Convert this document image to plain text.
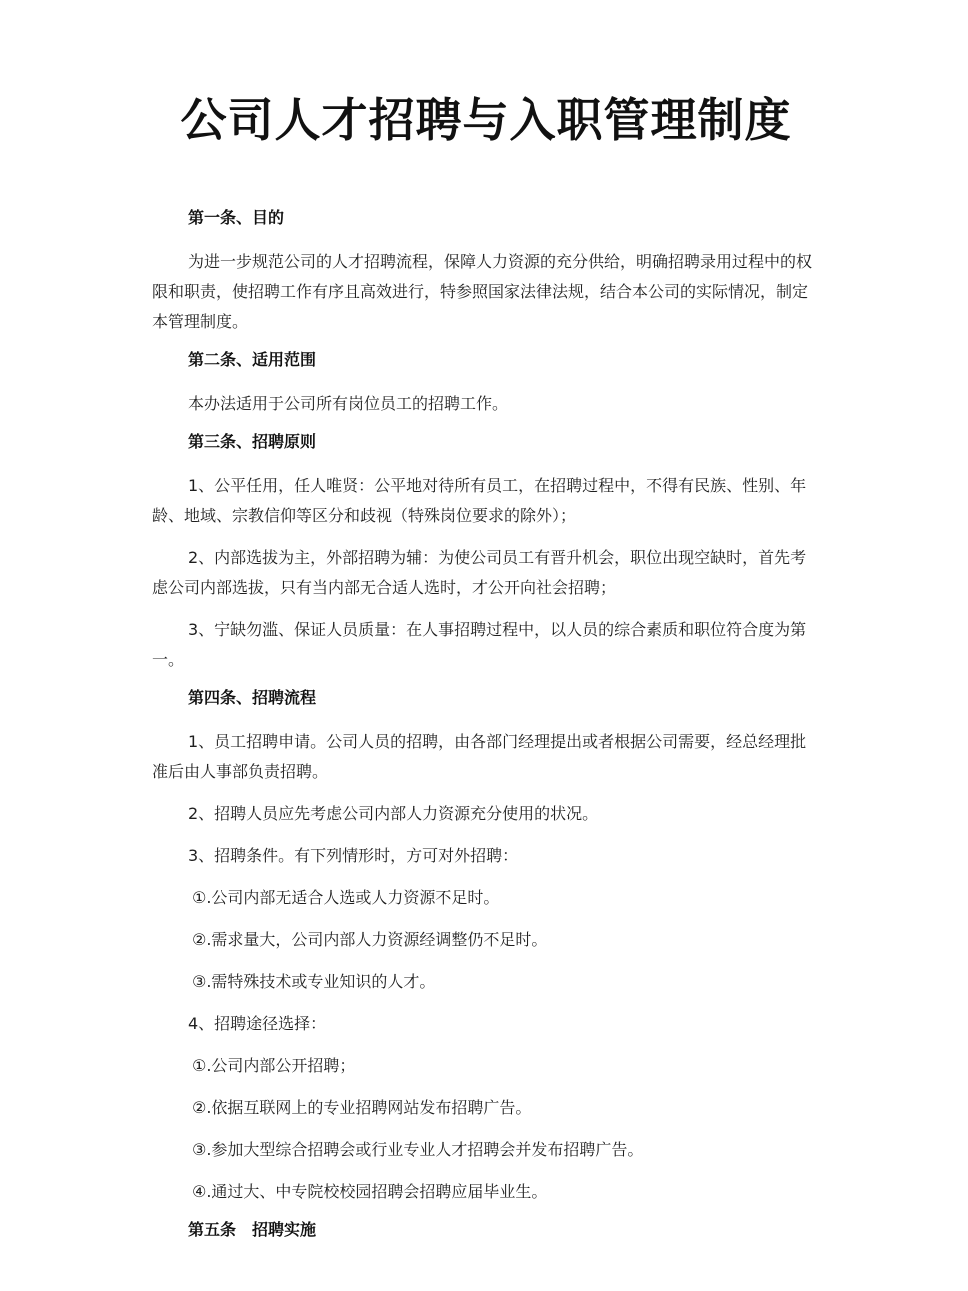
公司人才招聘与入职管理制度
第一条、目的

为进一步规范公司的人才招聘流程，保障人力资源的充分供给，明确招聘录用过程中的权限和职责，使招聘工作有序且高效进行，特参照国家法律法规，结合本公司的实际情况，制定本管理制度。

第二条、适用范围

本办法适用于公司所有岗位员工的招聘工作。

第三条、招聘原则

1、公平任用，任人唯贤：公平地对待所有员工，在招聘过程中，不得有民族、性别、年龄、地域、宗教信仰等区分和歧视（特殊岗位要求的除外）；

2、内部选拔为主，外部招聘为辅：为使公司员工有晋升机会，职位出现空缺时，首先考虑公司内部选拔，只有当内部无合适人选时，才公开向社会招聘；

3、宁缺勿滥、保证人员质量：在人事招聘过程中，以人员的综合素质和职位符合度为第一。

第四条、招聘流程

1、员工招聘申请。公司人员的招聘，由各部门经理提出或者根据公司需要，经总经理批准后由人事部负责招聘。

2、招聘人员应先考虑公司内部人力资源充分使用的状况。

3、招聘条件。有下列情形时，方可对外招聘：

①.公司内部无适合人选或人力资源不足时。

②.需求量大，公司内部人力资源经调整仍不足时。

③.需特殊技术或专业知识的人才。

4、招聘途径选择：

①.公司内部公开招聘；

②.依据互联网上的专业招聘网站发布招聘广告。

③.参加大型综合招聘会或行业专业人才招聘会并发布招聘广告。

④.通过大、中专院校校园招聘会招聘应届毕业生。

第五条　招聘实施
